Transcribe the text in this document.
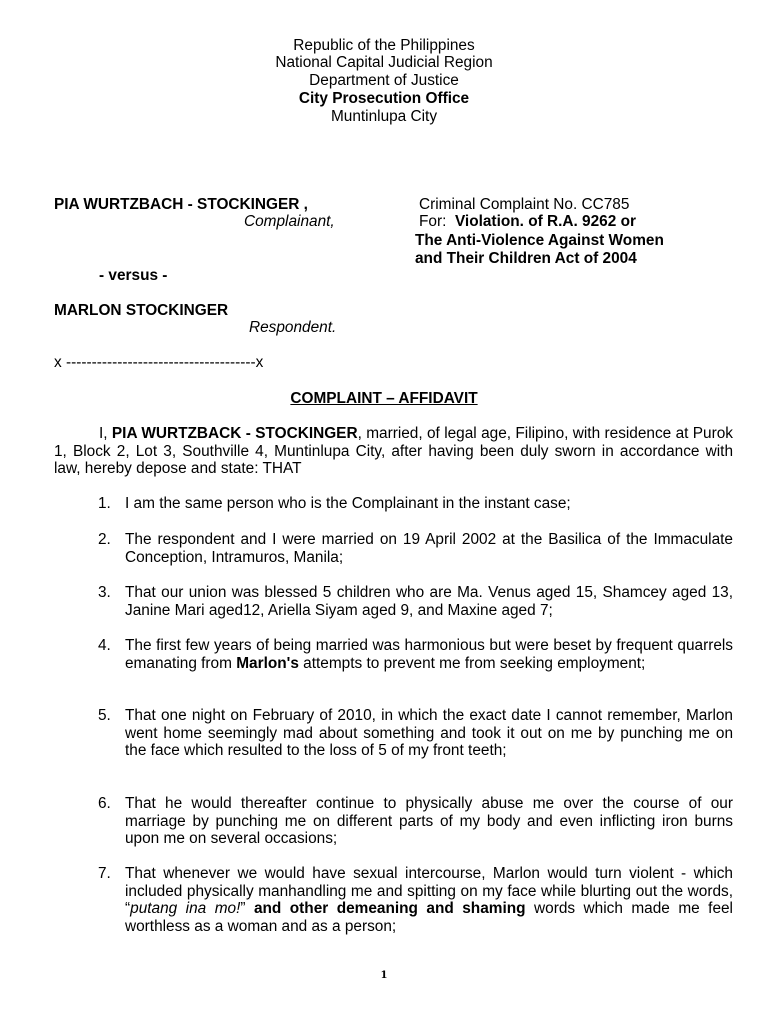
Republic of the Philippines
National Capital Judicial Region
Department of Justice
City Prosecution Office
Muntinlupa City
PIA WURTZBACH - STOCKINGER ,
Complainant,
- versus -
MARLON STOCKINGER
Respondent.
x -------------------------------------x
Criminal Complaint No. CC785
For: Violation. of R.A. 9262 or
The Anti-Violence Against Women
and Their Children Act of 2004
COMPLAINT – AFFIDAVIT
I, PIA WURTZBACK - STOCKINGER, married, of legal age, Filipino, with residence at Purok 1, Block 2, Lot 3, Southville 4, Muntinlupa City, after having been duly sworn in accordance with law, hereby depose and state: THAT
1. I am the same person who is the Complainant in the instant case;
2. The respondent and I were married on 19 April 2002 at the Basilica of the Immaculate Conception, Intramuros, Manila;
3. That our union was blessed 5 children who are Ma. Venus aged 15, Shamcey aged 13, Janine Mari aged12, Ariella Siyam aged 9, and Maxine aged 7;
4. The first few years of being married was harmonious but were beset by frequent quarrels emanating from Marlon's attempts to prevent me from seeking employment;
5. That one night on February of 2010, in which the exact date I cannot remember, Marlon went home seemingly mad about something and took it out on me by punching me on the face which resulted to the loss of 5 of my front teeth;
6. That he would thereafter continue to physically abuse me over the course of our marriage by punching me on different parts of my body and even inflicting iron burns upon me on several occasions;
7. That whenever we would have sexual intercourse, Marlon would turn violent - which included physically manhandling me and spitting on my face while blurting out the words, “putang ina mo!” and other demeaning and shaming words which made me feel worthless as a woman and as a person;
1
